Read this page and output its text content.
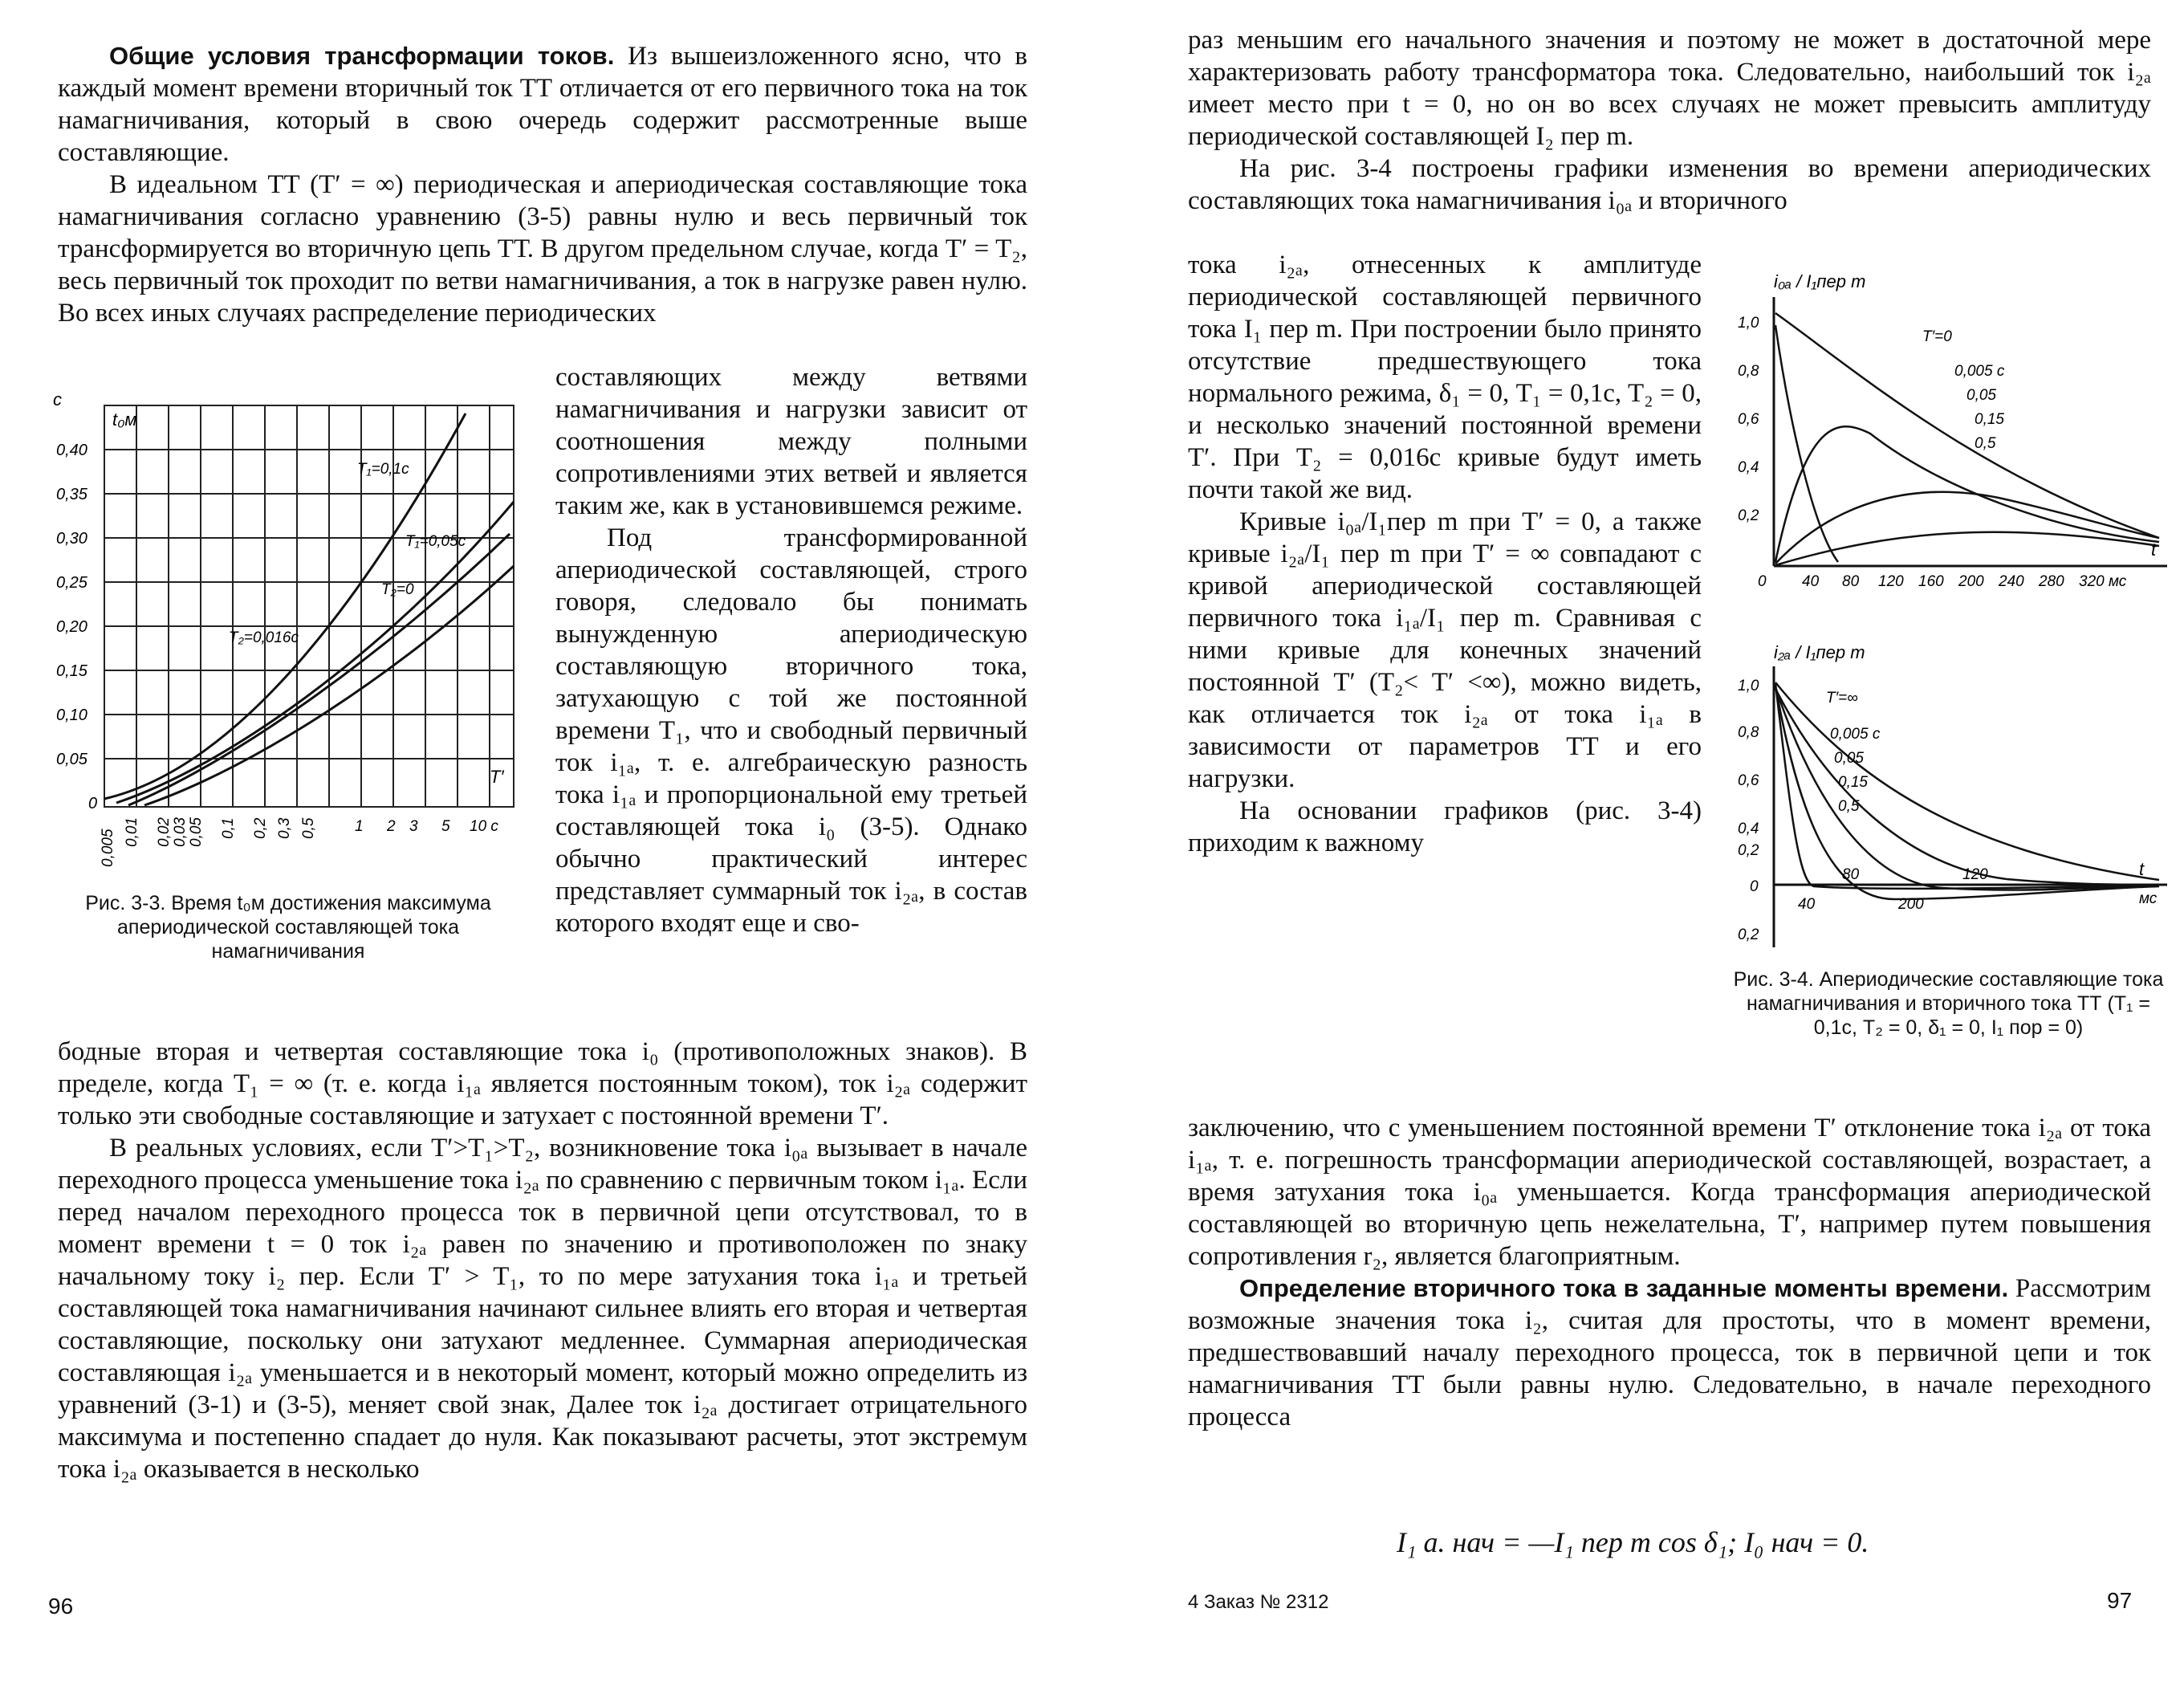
Общие условия трансформации токов. Из вышеизложенного ясно, что в каждый момент времени вторичный ток ТТ отличается от его первичного тока на ток намагничивания, который в свою очередь содержит рассмотренные выше составляющие.

В идеальном ТТ (T′ = ∞) периодическая и апериодическая составляющие тока намагничивания согласно уравнению (3-5) равны нулю и весь первичный ток трансформируется во вторичную цепь ТТ. В другом предельном случае, когда T′ = T₂, весь первичный ток проходит по ветви намагничивания, а ток в нагрузке равен нулю. Во всех иных случаях распределение периодических

c
t₀м
0,40
0,35
0,30
0,25
0,20
0,15
0,10
0,05
0
0,005 0,01 0,02 0,03 0,05 0,1 0,2 0,3 0,5 1 2 3 5 10 c
T′
T₁=0,1c
T₁=0,05c
T₂=0
T₂=0,016c
Рис. 3-3. Время t₀м достижения максимума апериодической составляющей тока намагничивания

составляющих между ветвями намагничивания и нагрузки зависит от соотношения между полными сопротивлениями этих ветвей и является таким же, как в установившемся режиме.

Под трансформированной апериодической составляющей, строго говоря, следовало бы понимать вынужденную апериодическую составляющую вторичного тока, затухающую с той же постоянной времени T₁, что и свободный первичный ток i₁ₐ, т. е. алгебраическую разность тока i₁ₐ и пропорциональной ему третьей составляющей тока i₀ (3-5). Однако обычно практический интерес представляет суммарный ток i₂ₐ, в состав которого входят еще и сво-

бодные вторая и четвертая составляющие тока i₀ (противоположных знаков). В пределе, когда T₁ = ∞ (т. е. когда i₁ₐ является постоянным током), ток i₂ₐ содержит только эти свободные составляющие и затухает с постоянной времени T′.

В реальных условиях, если T′>T₁>T₂, возникновение тока i₀ₐ вызывает в начале переходного процесса уменьшение тока i₂ₐ по сравнению с первичным током i₁ₐ. Если перед началом переходного процесса ток в первичной цепи отсутствовал, то в момент времени t = 0 ток i₂ₐ равен по значению и противоположен по знаку начальному току i₂ пер. Если T′ > T₁, то по мере затухания тока i₁ₐ и третьей составляющей тока намагничивания начинают сильнее влиять его вторая и четвертая составляющие, поскольку они затухают медленнее. Суммарная апериодическая составляющая i₂ₐ уменьшается и в некоторый момент, который можно определить из уравнений (3-1) и (3-5), меняет свой знак, Далее ток i₂ₐ достигает отрицательного максимума и постепенно спадает до нуля. Как показывают расчеты, этот экстремум тока i₂ₐ оказывается в несколько

96

раз меньшим его начального значения и поэтому не может в достаточной мере характеризовать работу трансформатора тока. Следовательно, наибольший ток i₂ₐ имеет место при t = 0, но он во всех случаях не может превысить амплитуду периодической составляющей I₂ пер m.

На рис. 3-4 построены графики изменения во времени апериодических составляющих тока намагничивания i₀ₐ и вторичного

тока i₂ₐ, отнесенных к амплитуде периодической составляющей первичного тока I₁ пер m. При построении было принято отсутствие предшествующего тока нормального режима, δ₁ = 0, T₁ = 0,1c, T₂ = 0, и несколько значений постоянной времени T′. При T₂ = 0,016c кривые будут иметь почти такой же вид.

Кривые i₀ₐ/I₁пер m при T′ = 0, а также кривые i₂ₐ/I₁ пер m при T′ = ∞ совпадают с кривой апериодической составляющей первичного тока i₁ₐ/I₁ пер m. Сравнивая с ними кривые для конечных значений постоянной T′ (T₂< T′ <∞), можно видеть, как отличается ток i₂ₐ от тока i₁ₐ в зависимости от параметров ТТ и его нагрузки.

На основании графиков (рис. 3-4) приходим к важному

i₀ₐ / I₁пер m
1,0
0,8
0,6
0,4
0,2
0 40 80 120 160 200 240 280 320 мс
t
T′=0
0,005 c
0,05
0,15
0,5
i₂ₐ / I₁пер m
1,0
0,8
0,6
0,4
0,2
0
0,2
80	120
40	200
t
мс
T′=∞
0,005 c
0,05
0,15
0,5
Рис. 3-4. Апериодические составляющие тока намагничивания и вторичного тока ТТ (T₁ = 0,1с, T₂ = 0, δ₁ = 0, I₁ пор = 0)

заключению, что с уменьшением постоянной времени T′ отклонение тока i₂ₐ от тока i₁ₐ, т. е. погрешность трансформации апериодической составляющей, возрастает, а время затухания тока i₀ₐ уменьшается. Когда трансформация апериодической составляющей во вторичную цепь нежелательна, T′, например путем повышения сопротивления r₂, является благоприятным.

Определение вторичного тока в заданные моменты времени. Рассмотрим возможные значения тока i₂, считая для простоты, что в момент времени, предшествовавший началу переходного процесса, ток в первичной цепи и ток намагничивания ТТ были равны нулю. Следовательно, в начале переходного процесса

I₁ а. нач = —I₁ пер m cos δ₁; I₀ нач = 0.
4 Заказ № 2312	97
